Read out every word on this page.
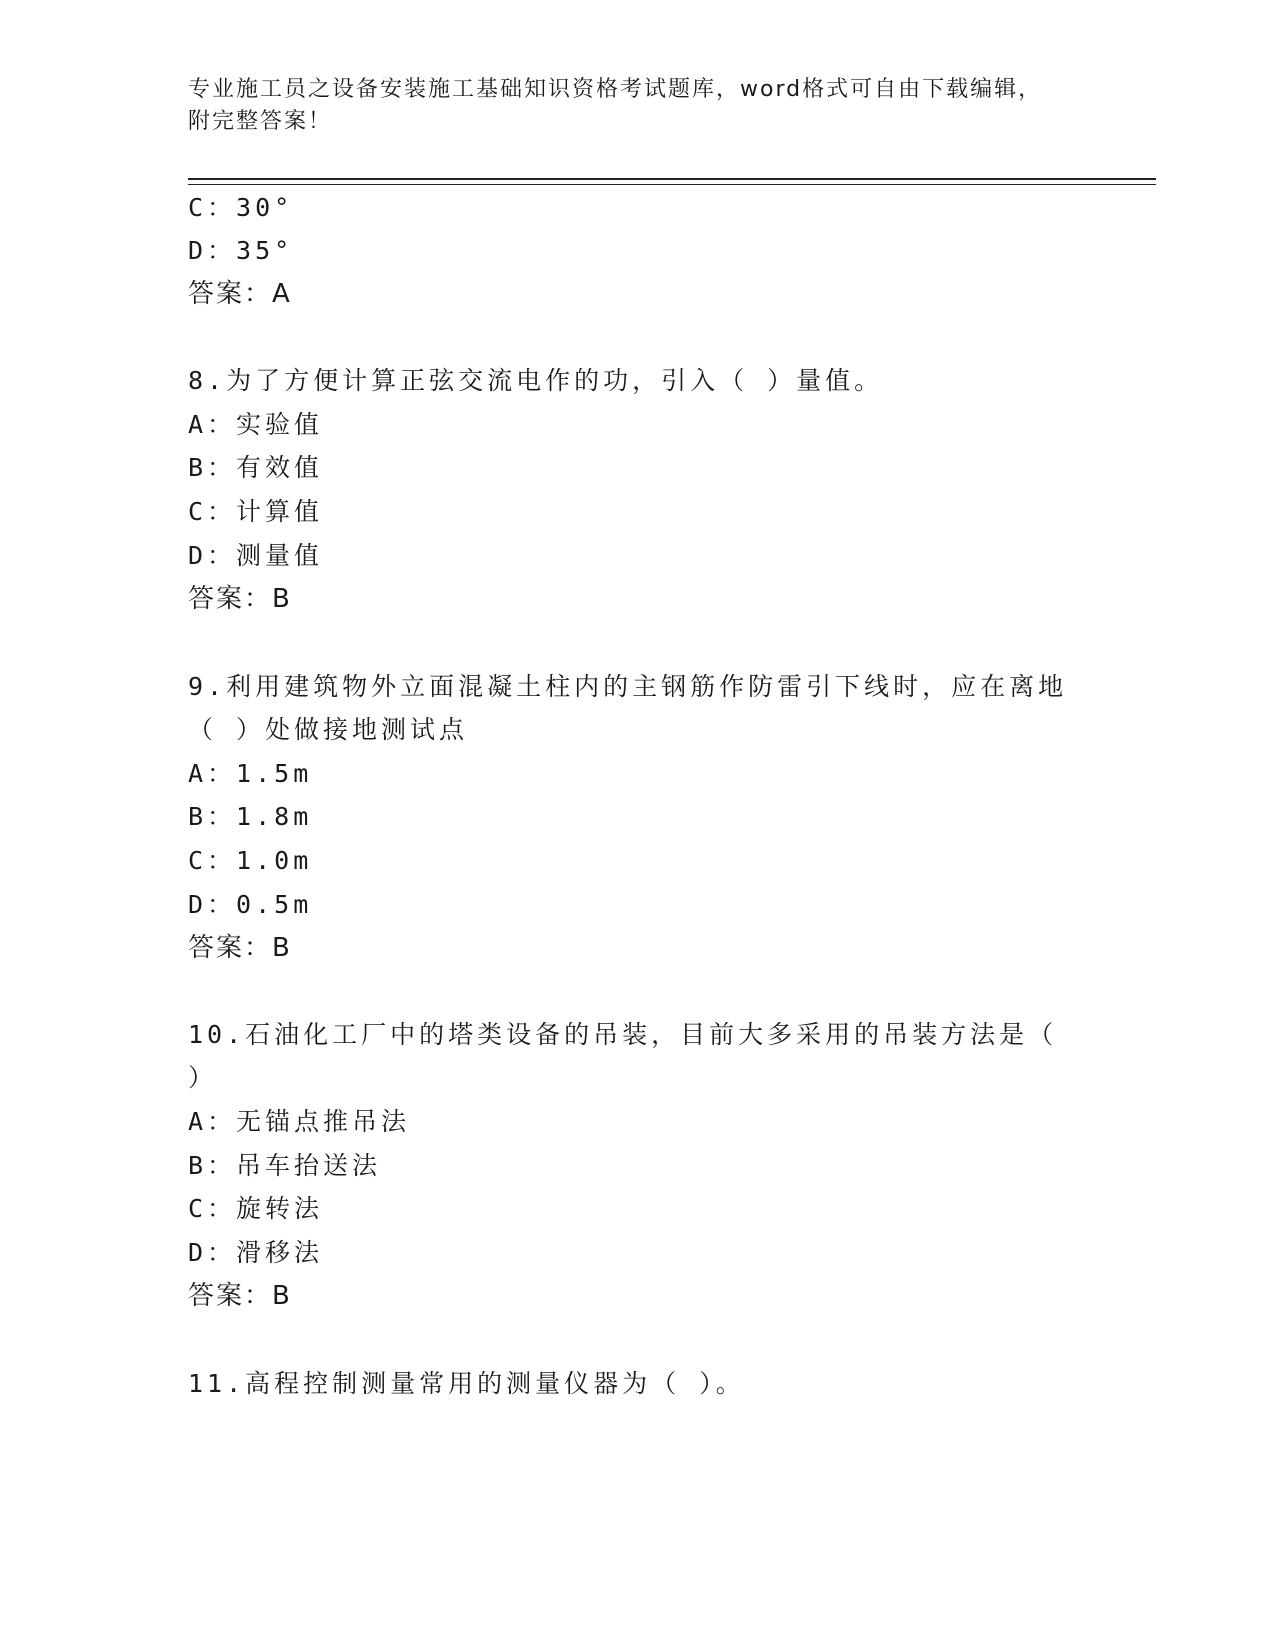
专业施工员之设备安装施工基础知识资格考试题库，word格式可自由下载编辑，
附完整答案！
C：30°
D：35°
答案：A
8.为了方便计算正弦交流电作的功，引入（ ）量值。
A：实验值
B：有效值
C：计算值
D：测量值
答案：B
9.利用建筑物外立面混凝土柱内的主钢筋作防雷引下线时，应在离地
（ ）处做接地测试点
A：1.5m
B：1.8m
C：1.0m
D：0.5m
答案：B
10.石油化工厂中的塔类设备的吊装，目前大多采用的吊装方法是（
）
A：无锚点推吊法
B：吊车抬送法
C：旋转法
D：滑移法
答案：B
11.高程控制测量常用的测量仪器为（ ）。
